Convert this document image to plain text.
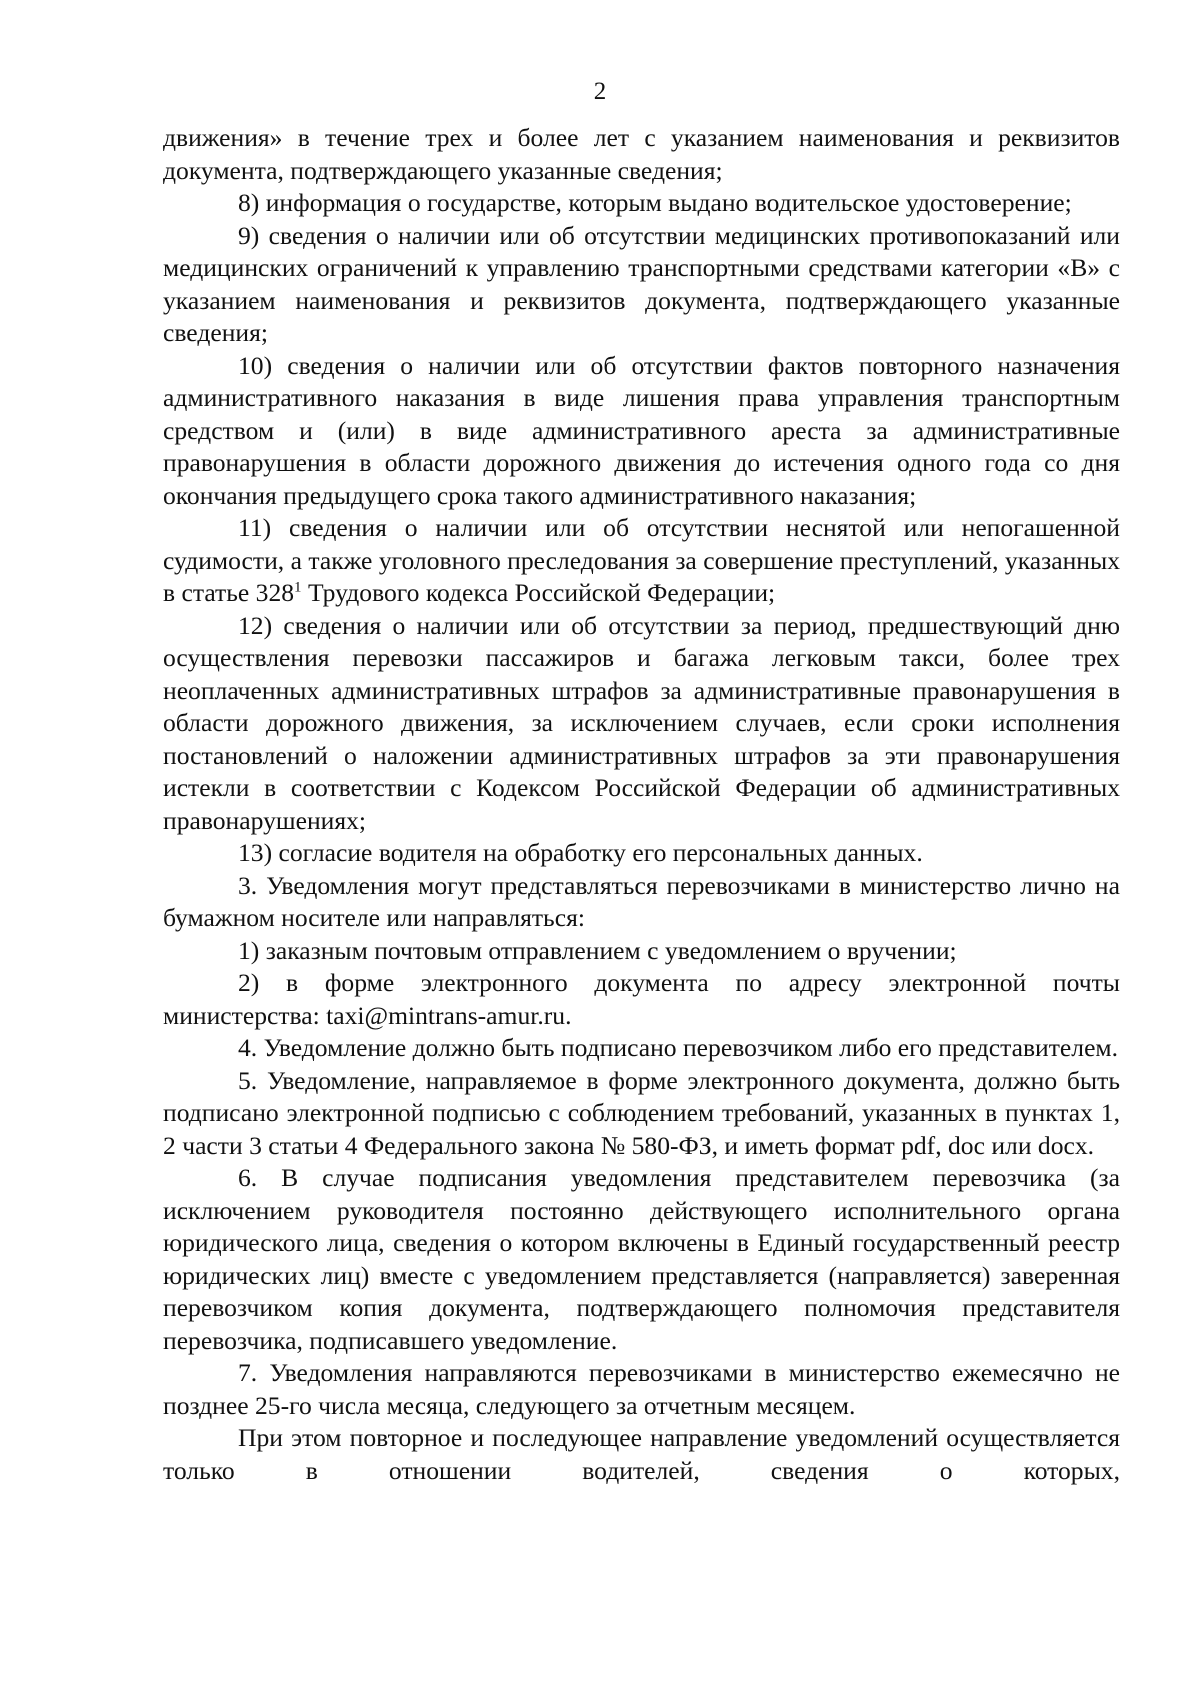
2

движения» в течение трех и более лет с указанием наименования и реквизитов документа, подтверждающего указанные сведения;

8) информация о государстве, которым выдано водительское удостоверение;

9) сведения о наличии или об отсутствии медицинских противопоказаний или медицинских ограничений к управлению транспортными средствами категории «В» с указанием наименования и реквизитов документа, подтверждающего указанные сведения;

10) сведения о наличии или об отсутствии фактов повторного назначения административного наказания в виде лишения права управления транспортным средством и (или) в виде административного ареста за административные правонарушения в области дорожного движения до истечения одного года со дня окончания предыдущего срока такого административного наказания;

11) сведения о наличии или об отсутствии неснятой или непогашенной судимости, а также уголовного преследования за совершение преступлений, указанных в статье $328^1$ Трудового кодекса Российской Федерации;

12) сведения о наличии или об отсутствии за период, предшествующий дню осуществления перевозки пассажиров и багажа легковым такси, более трех неоплаченных административных штрафов за административные правонарушения в области дорожного движения, за исключением случаев, если сроки исполнения постановлений о наложении административных штрафов за эти правонарушения истекли в соответствии с Кодексом Российской Федерации об административных правонарушениях;

13) согласие водителя на обработку его персональных данных.

3. Уведомления могут представляться перевозчиками в министерство лично на бумажном носителе или направляться:

1) заказным почтовым отправлением с уведомлением о вручении;

2) в форме электронного документа по адресу электронной почты министерства: taxi@mintrans-amur.ru.

4. Уведомление должно быть подписано перевозчиком либо его представителем.

5. Уведомление, направляемое в форме электронного документа, должно быть подписано электронной подписью с соблюдением требований, указанных в пунктах 1, 2 части 3 статьи 4 Федерального закона № 580-ФЗ, и иметь формат pdf, doc или docx.

6. В случае подписания уведомления представителем перевозчика (за исключением руководителя постоянно действующего исполнительного органа юридического лица, сведения о котором включены в Единый государственный реестр юридических лиц) вместе с уведомлением представляется (направляется) заверенная перевозчиком копия документа, подтверждающего полномочия представителя перевозчика, подписавшего уведомление.

7. Уведомления направляются перевозчиками в министерство ежемесячно не позднее 25-го числа месяца, следующего за отчетным месяцем.

При этом повторное и последующее направление уведомлений осуществляется только в отношении водителей, сведения о которых,
